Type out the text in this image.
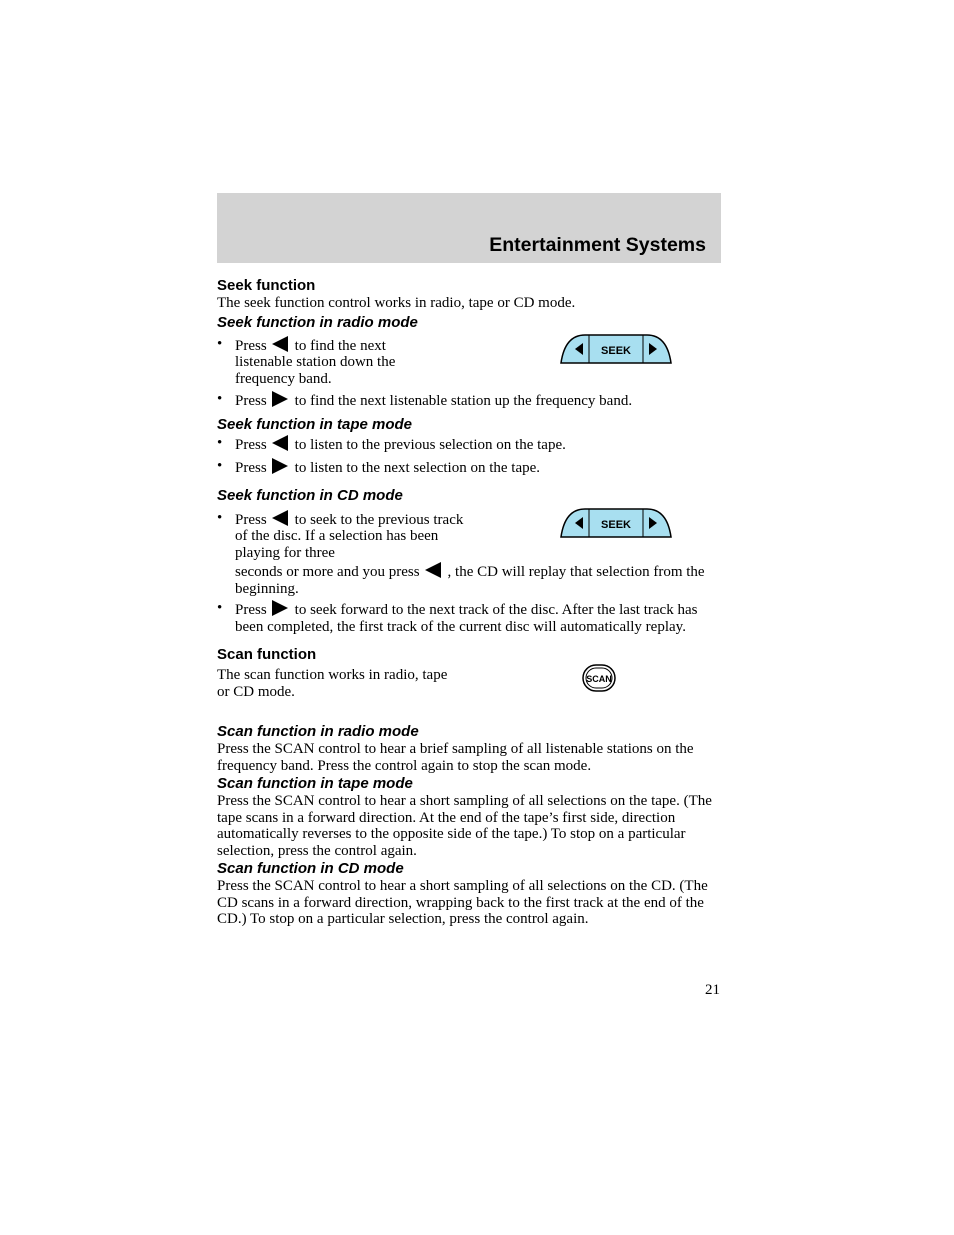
Entertainment Systems
Seek function

The seek function control works in radio, tape or CD mode.

Seek function in radio mode
• Press to find the next listenable station down the frequency band.
SEEK
• Press to find the next listenable station up the frequency band.
Seek function in tape mode
• Press to listen to the previous selection on the tape.
• Press to listen to the next selection on the tape.
Seek function in CD mode
• Press to seek to the previous track of the disc. If a selection has been playing for three
SEEK
seconds or more and you press , the CD will replay that selection from the beginning.
• Press to seek forward to the next track of the disc. After the last track has been completed, the first track of the current disc will automatically replay.
Scan function

The scan function works in radio, tape or CD mode.

SCAN
Scan function in radio mode

Press the SCAN control to hear a brief sampling of all listenable stations on the frequency band. Press the control again to stop the scan mode.

Scan function in tape mode

Press the SCAN control to hear a short sampling of all selections on the tape. (The tape scans in a forward direction. At the end of the tape’s first side, direction automatically reverses to the opposite side of the tape.) To stop on a particular selection, press the control again.

Scan function in CD mode

Press the SCAN control to hear a short sampling of all selections on the CD. (The CD scans in a forward direction, wrapping back to the first track at the end of the CD.) To stop on a particular selection, press the control again.

21
